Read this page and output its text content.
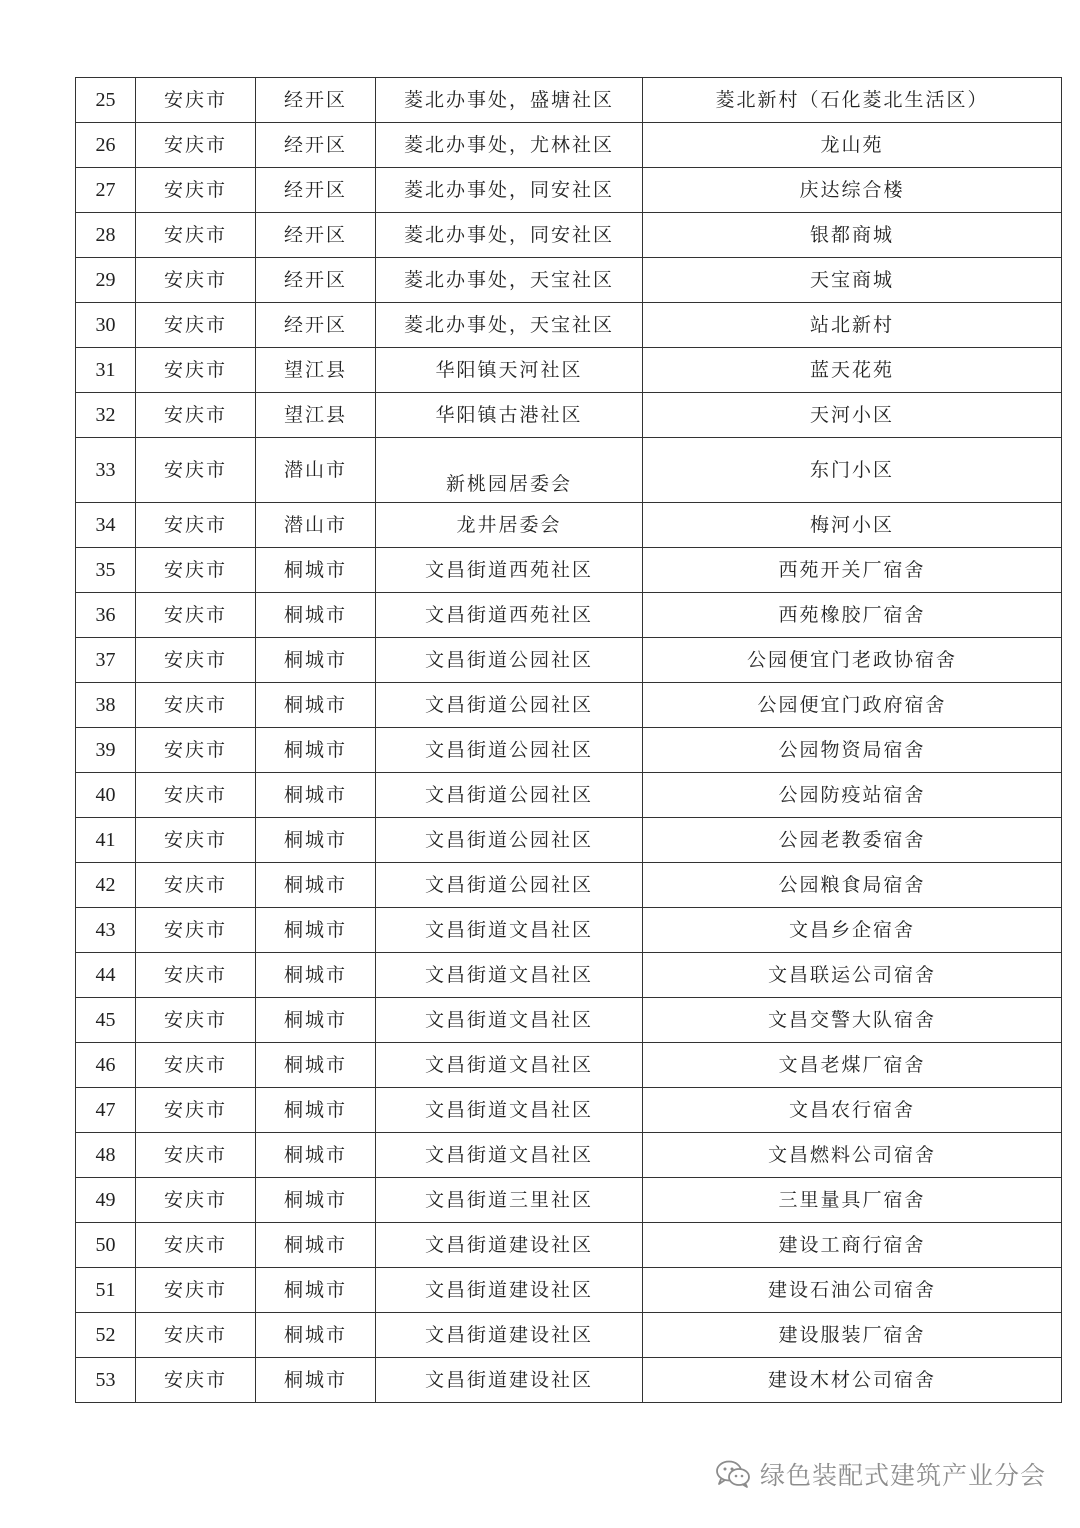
25	安庆市	经开区	菱北办事处，盛塘社区	菱北新村（石化菱北生活区）
26	安庆市	经开区	菱北办事处，尤林社区	龙山苑
27	安庆市	经开区	菱北办事处，同安社区	庆达综合楼
28	安庆市	经开区	菱北办事处，同安社区	银都商城
29	安庆市	经开区	菱北办事处，天宝社区	天宝商城
30	安庆市	经开区	菱北办事处，天宝社区	站北新村
31	安庆市	望江县	华阳镇天河社区	蓝天花苑
32	安庆市	望江县	华阳镇古港社区	天河小区
33	安庆市	潜山市	新桃园居委会	东门小区
34	安庆市	潜山市	龙井居委会	梅河小区
35	安庆市	桐城市	文昌街道西苑社区	西苑开关厂宿舍
36	安庆市	桐城市	文昌街道西苑社区	西苑橡胶厂宿舍
37	安庆市	桐城市	文昌街道公园社区	公园便宜门老政协宿舍
38	安庆市	桐城市	文昌街道公园社区	公园便宜门政府宿舍
39	安庆市	桐城市	文昌街道公园社区	公园物资局宿舍
40	安庆市	桐城市	文昌街道公园社区	公园防疫站宿舍
41	安庆市	桐城市	文昌街道公园社区	公园老教委宿舍
42	安庆市	桐城市	文昌街道公园社区	公园粮食局宿舍
43	安庆市	桐城市	文昌街道文昌社区	文昌乡企宿舍
44	安庆市	桐城市	文昌街道文昌社区	文昌联运公司宿舍
45	安庆市	桐城市	文昌街道文昌社区	文昌交警大队宿舍
46	安庆市	桐城市	文昌街道文昌社区	文昌老煤厂宿舍
47	安庆市	桐城市	文昌街道文昌社区	文昌农行宿舍
48	安庆市	桐城市	文昌街道文昌社区	文昌燃料公司宿舍
49	安庆市	桐城市	文昌街道三里社区	三里量具厂宿舍
50	安庆市	桐城市	文昌街道建设社区	建设工商行宿舍
51	安庆市	桐城市	文昌街道建设社区	建设石油公司宿舍
52	安庆市	桐城市	文昌街道建设社区	建设服装厂宿舍
53	安庆市	桐城市	文昌街道建设社区	建设木材公司宿舍
绿色装配式建筑产业分会
